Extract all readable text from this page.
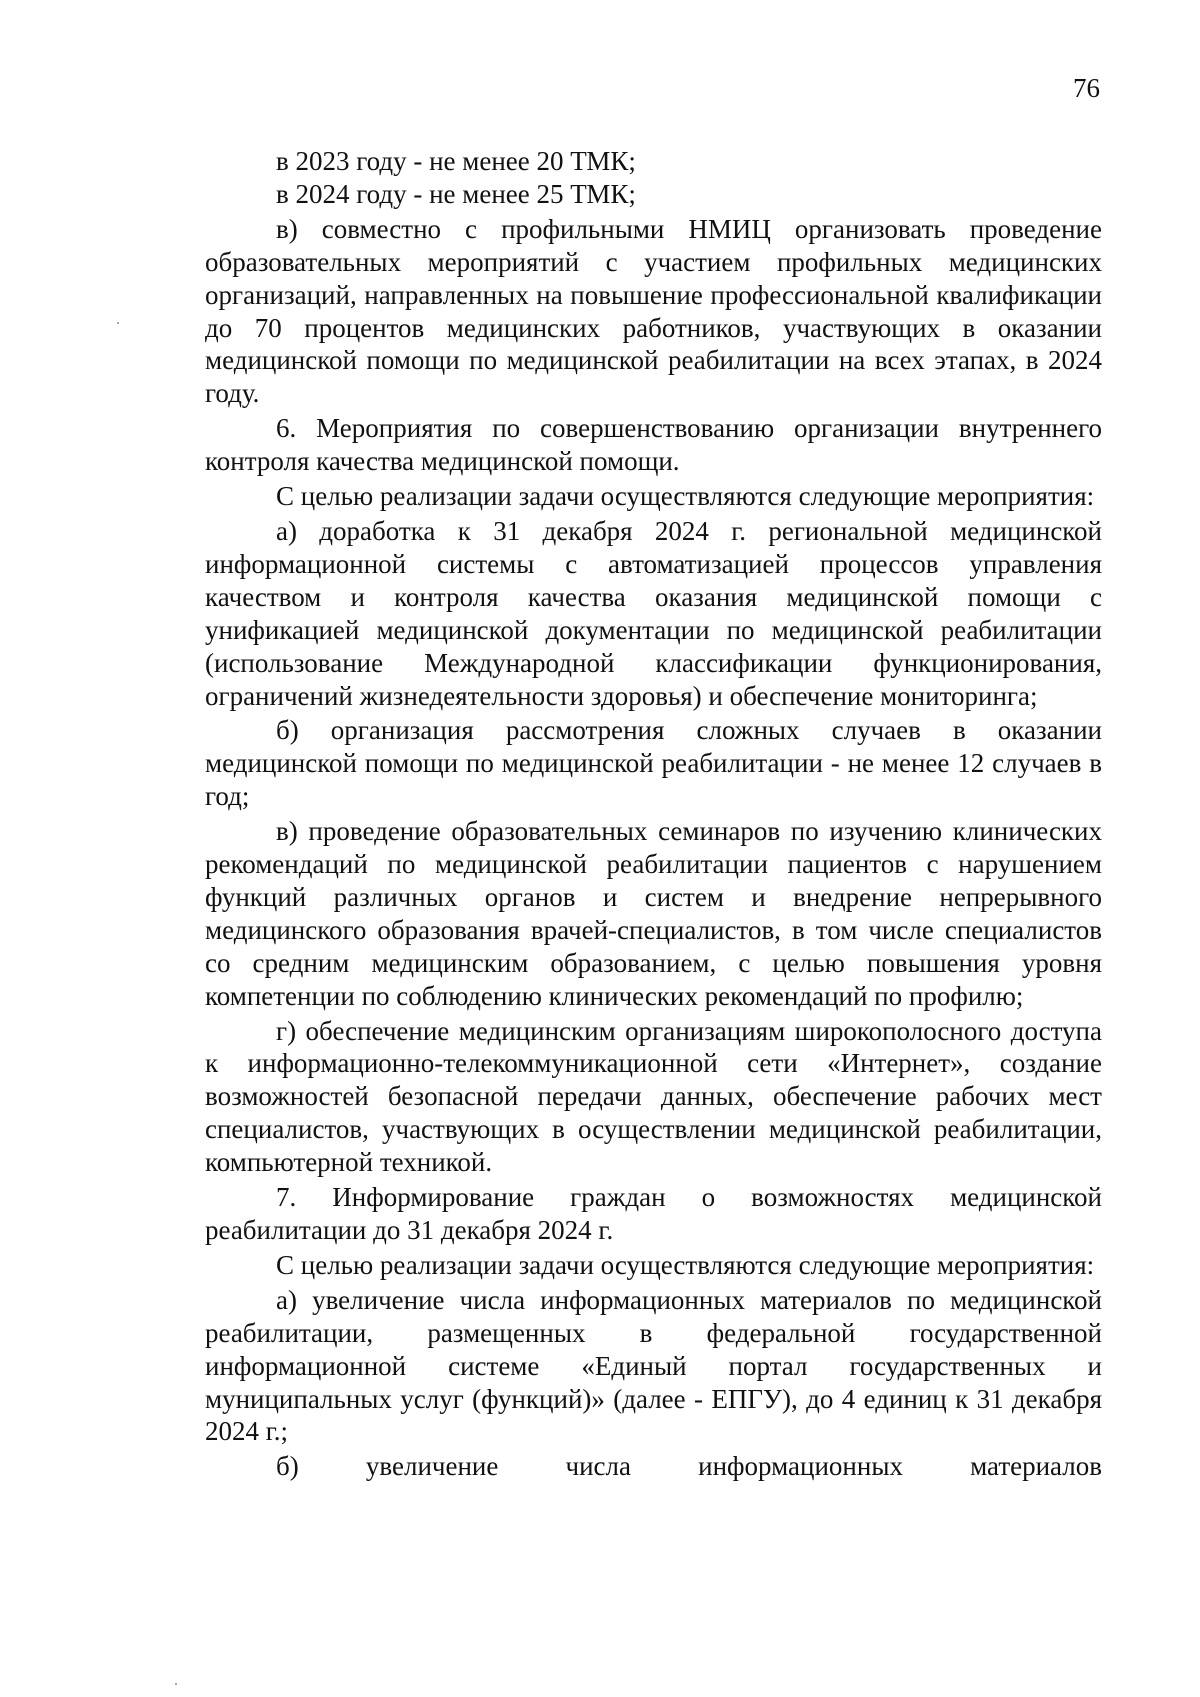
76

в 2023 году - не менее 20 ТМК;

в 2024 году - не менее 25 ТМК;

в) совместно с профильными НМИЦ организовать проведение образовательных мероприятий с участием профильных медицинских организаций, направленных на повышение профессиональной квалификации до 70 процентов медицинских работников, участвующих в оказании медицинской помощи по медицинской реабилитации на всех этапах, в 2024 году.

6. Мероприятия по совершенствованию организации внутреннего контроля качества медицинской помощи.

С целью реализации задачи осуществляются следующие мероприятия:

а) доработка к 31 декабря 2024 г. региональной медицинской информационной системы с автоматизацией процессов управления качеством и контроля качества оказания медицинской помощи с унификацией медицинской документации по медицинской реабилитации (использование Международной классификации функционирования, ограничений жизнедеятельности здоровья) и обеспечение мониторинга;

б) организация рассмотрения сложных случаев в оказании медицинской помощи по медицинской реабилитации - не менее 12 случаев в год;

в) проведение образовательных семинаров по изучению клинических рекомендаций по медицинской реабилитации пациентов с нарушением функций различных органов и систем и внедрение непрерывного медицинского образования врачей-специалистов, в том числе специалистов со средним медицинским образованием, с целью повышения уровня компетенции по соблюдению клинических рекомендаций по профилю;

г) обеспечение медицинским организациям широкополосного доступа к информационно-телекоммуникационной сети «Интернет», создание возможностей безопасной передачи данных, обеспечение рабочих мест специалистов, участвующих в осуществлении медицинской реабилитации, компьютерной техникой.

7. Информирование граждан о возможностях медицинской реабилитации до 31 декабря 2024 г.

С целью реализации задачи осуществляются следующие мероприятия:

а) увеличение числа информационных материалов по медицинской реабилитации, размещенных в федеральной государственной информационной системе «Единый портал государственных и муниципальных услуг (функций)» (далее - ЕПГУ), до 4 единиц к 31 декабря 2024 г.;

б) увеличение числа информационных материалов
